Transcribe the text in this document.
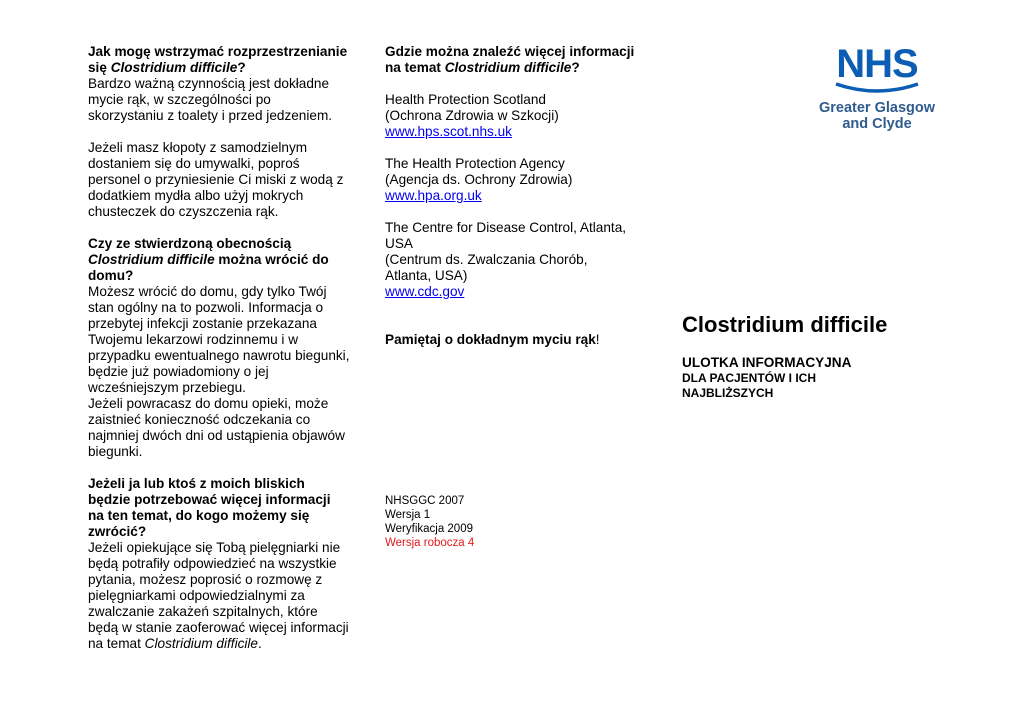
Jak mogę wstrzymać rozprzestrzenianie się Clostridium difficile?

Bardzo ważną czynnością jest dokładne mycie rąk, w szczególności po skorzystaniu z toalety i przed jedzeniem.

Jeżeli masz kłopoty z samodzielnym dostaniem się do umywalki, poproś personel o przyniesienie Ci miski z wodą z dodatkiem mydła albo użyj mokrych chusteczek do czyszczenia rąk.

Czy ze stwierdzoną obecnością Clostridium difficile można wrócić do domu?

Możesz wrócić do domu, gdy tylko Twój stan ogólny na to pozwoli. Informacja o przebytej infekcji zostanie przekazana Twojemu lekarzowi rodzinnemu i w przypadku ewentualnego nawrotu biegunki, będzie już powiadomiony o jej wcześniejszym przebiegu.

Jeżeli powracasz do domu opieki, może zaistnieć konieczność odczekania co najmniej dwóch dni od ustąpienia objawów biegunki.

Jeżeli ja lub ktoś z moich bliskich będzie potrzebować więcej informacji na ten temat, do kogo możemy się zwrócić?

Jeżeli opiekujące się Tobą pielęgniarki nie będą potrafiły odpowiedzieć na wszystkie pytania, możesz poprosić o rozmowę z pielęgniarkami odpowiedzialnymi za zwalczanie zakażeń szpitalnych, które będą w stanie zaoferować więcej informacji na temat Clostridium difficile.

Gdzie można znaleźć więcej informacji na temat Clostridium difficile?

Health Protection Scotland

(Ochrona Zdrowia w Szkocji)

www.hps.scot.nhs.uk

The Health Protection Agency

(Agencja ds. Ochrony Zdrowia)

www.hpa.org.uk

The Centre for Disease Control, Atlanta, USA

(Centrum ds. Zwalczania Chorób, Atlanta, USA)

www.cdc.gov

Pamiętaj o dokładnym myciu rąk!

NHSGGC 2007

Wersja 1

Weryfikacja 2009

Wersja robocza 4

NHS
Greater Glasgow
and Clyde
Clostridium difficile
ULOTKA INFORMACYJNA
DLA PACJENTÓW I ICH
NAJBLIŻSZYCH
